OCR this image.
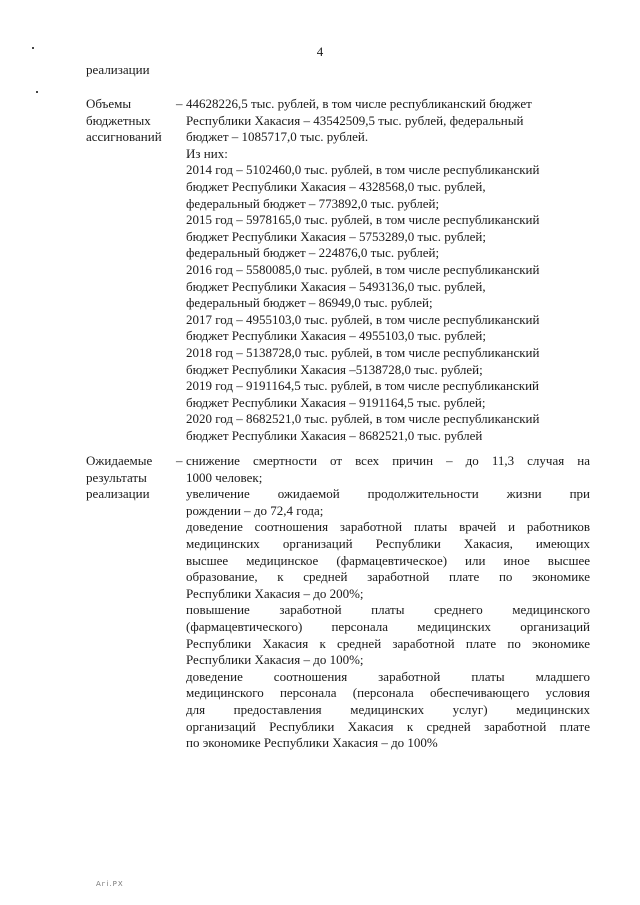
4
реализации
Объемы
бюджетных
ассигнований
– 44628226,5 тыс. рублей, в том числе республиканский бюджет
Республики Хакасия – 43542509,5 тыс. рублей, федеральный
бюджет – 1085717,0 тыс. рублей.
Из них:
2014 год – 5102460,0 тыс. рублей, в том числе республиканский
бюджет Республики Хакасия – 4328568,0 тыс. рублей,
федеральный бюджет – 773892,0 тыс. рублей;
2015 год – 5978165,0 тыс. рублей, в том числе республиканский
бюджет Республики Хакасия – 5753289,0 тыс. рублей;
федеральный бюджет – 224876,0 тыс. рублей;
2016 год – 5580085,0 тыс. рублей, в том числе республиканский
бюджет Республики Хакасия – 5493136,0 тыс. рублей,
федеральный бюджет – 86949,0 тыс. рублей;
2017 год – 4955103,0 тыс. рублей, в том числе республиканский
бюджет Республики Хакасия – 4955103,0 тыс. рублей;
2018 год – 5138728,0 тыс. рублей, в том числе республиканский
бюджет Республики Хакасия –5138728,0 тыс. рублей;
2019 год – 9191164,5 тыс. рублей, в том числе республиканский
бюджет Республики Хакасия – 9191164,5 тыс. рублей;
2020 год – 8682521,0 тыс. рублей, в том числе республиканский
бюджет Республики Хакасия – 8682521,0 тыс. рублей
Ожидаемые
результаты
реализации
– снижение смертности от всех причин – до 11,3 случая на
1000 человек;
увеличение ожидаемой продолжительности жизни при
рождении – до 72,4 года;
доведение соотношения заработной платы врачей и работников
медицинских организаций Республики Хакасия, имеющих
высшее медицинское (фармацевтическое) или иное высшее
образование, к средней заработной плате по экономике
Республики Хакасия – до 200%;
повышение заработной платы среднего медицинского
(фармацевтического) персонала медицинских организаций
Республики Хакасия к средней заработной плате по экономике
Республики Хакасия – до 100%;
доведение соотношения заработной платы младшего
медицинского персонала (персонала обеспечивающего условия
для предоставления медицинских услуг) медицинских
организаций Республики Хакасия к средней заработной плате
по экономике Республики Хакасия – до 100%
Агі.РХ
